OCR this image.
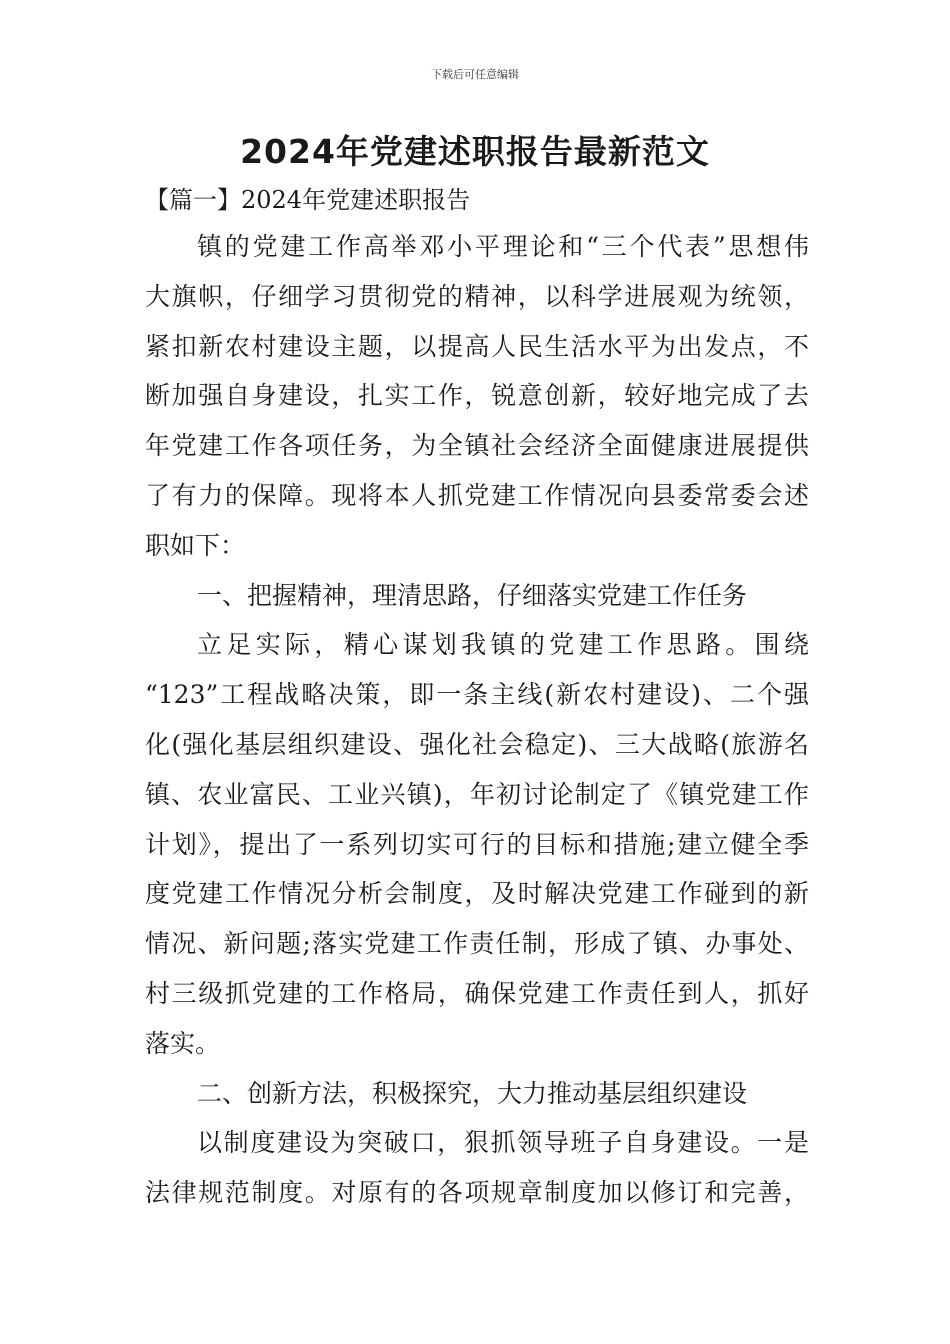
下载后可任意编辑
2024年党建述职报告最新范文
【篇一】2024年党建述职报告
镇的党建工作高举邓小平理论和“三个代表”思想伟
大旗帜，仔细学习贯彻党的精神，以科学进展观为统领，
紧扣新农村建设主题，以提高人民生活水平为出发点，不
断加强自身建设，扎实工作，锐意创新，较好地完成了去
年党建工作各项任务，为全镇社会经济全面健康进展提供
了有力的保障。现将本人抓党建工作情况向县委常委会述
职如下：
一、把握精神，理清思路，仔细落实党建工作任务
立足实际，精心谋划我镇的党建工作思路。围绕
“123”工程战略决策，即一条主线(新农村建设)、二个强
化(强化基层组织建设、强化社会稳定)、三大战略(旅游名
镇、农业富民、工业兴镇)，年初讨论制定了《镇党建工作
计划》，提出了一系列切实可行的目标和措施;建立健全季
度党建工作情况分析会制度，及时解决党建工作碰到的新
情况、新问题;落实党建工作责任制，形成了镇、办事处、
村三级抓党建的工作格局，确保党建工作责任到人，抓好
落实。
二、创新方法，积极探究，大力推动基层组织建设
以制度建设为突破口，狠抓领导班子自身建设。一是
法律规范制度。对原有的各项规章制度加以修订和完善，
